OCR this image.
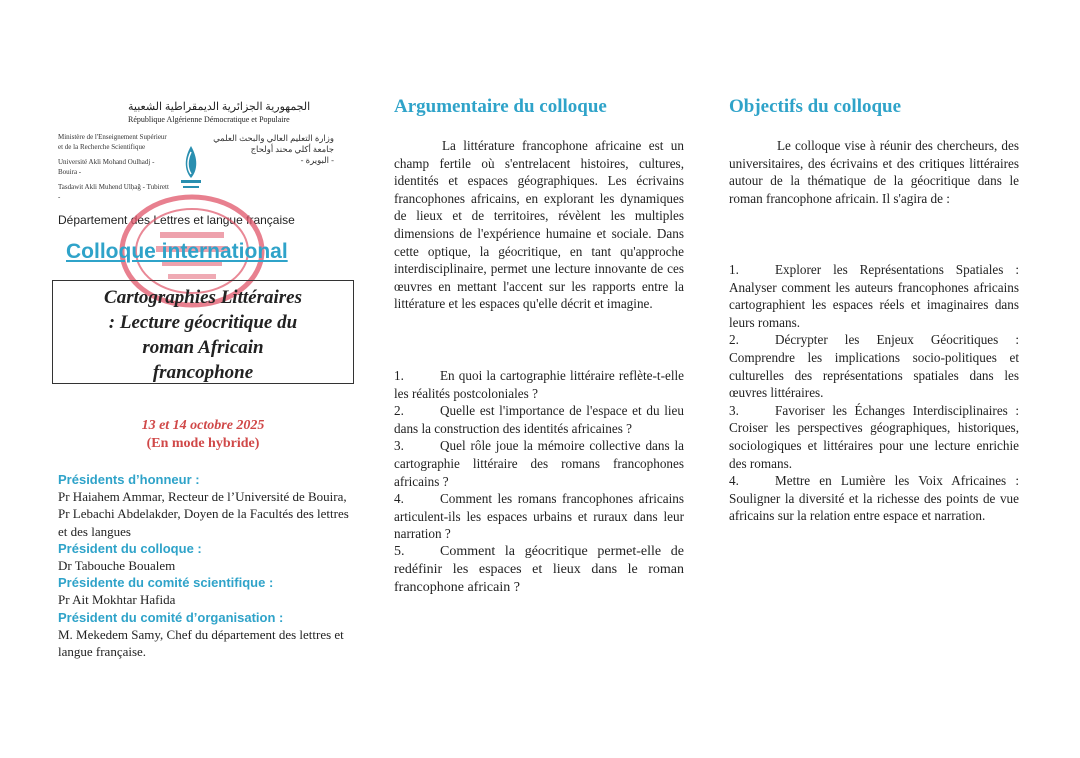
الجمهورية الجزائرية الديمقراطية الشعبية
République Algérienne Démocratique et Populaire
Ministère de l'Enseignement Supérieur
et de la Recherche Scientifique
Université Akli Mohand Oulhadj - Bouira -
Tasdawit Akli Muhend Ulḥağ - Tubirett -
وزارة التعليم العالي والبحث العلمي
جامعة أكلي محند أولحاج
- البويرة -
Département des Lettres et langue française
Colloque international
Cartographies Littéraires
: Lecture géocritique du
roman Africain
francophone
13 et 14 octobre 2025
(En mode hybride)
Présidents d’honneur :
Pr Haiahem Ammar, Recteur de l’Université de Bouira,
Pr Lebachi Abdelakder, Doyen de la Facultés des lettres et des langues
Président du colloque :
Dr Tabouche Boualem
Présidente du comité scientifique :
Pr Ait Mokhtar Hafida
Président du comité d’organisation :
M. Mekedem Samy, Chef du département des lettres et langue française.
Argumentaire du colloque
La littérature francophone africaine est un champ fertile où s'entrelacent histoires, cultures, identités et espaces géographiques. Les écrivains francophones africains, en explorant les dynamiques de lieux et de territoires, révèlent les multiples dimensions de l'expérience humaine et sociale. Dans cette optique, la géocritique, en tant qu'approche interdisciplinaire, permet une lecture innovante de ces œuvres en mettant l'accent sur les rapports entre la littérature et les espaces qu'elle décrit et imagine.
1.	En quoi la cartographie littéraire reflète-t-elle les réalités postcoloniales ?
2.	Quelle est l'importance de l'espace et du lieu dans la construction des identités africaines ?
3.	Quel rôle joue la mémoire collective dans la cartographie littéraire des romans francophones africains ?
4.	Comment les romans francophones africains articulent-ils les espaces urbains et ruraux dans leur narration ?
5.	Comment la géocritique permet-elle de redéfinir les espaces et lieux dans le roman francophone africain ?
Objectifs du colloque
Le colloque vise à réunir des chercheurs, des universitaires, des écrivains et des critiques littéraires autour de la thématique de la géocritique dans le roman francophone africain. Il s'agira de :
1.	Explorer les Représentations Spatiales : Analyser comment les auteurs francophones africains cartographient les espaces réels et imaginaires dans leurs romans.
2.	Décrypter les Enjeux Géocritiques : Comprendre les implications socio-politiques et culturelles des représentations spatiales dans les œuvres littéraires.
3.	Favoriser les Échanges Interdisciplinaires : Croiser les perspectives géographiques, historiques, sociologiques et littéraires pour une lecture enrichie des romans.
4.	Mettre en Lumière les Voix Africaines : Souligner la diversité et la richesse des points de vue africains sur la relation entre espace et narration.
